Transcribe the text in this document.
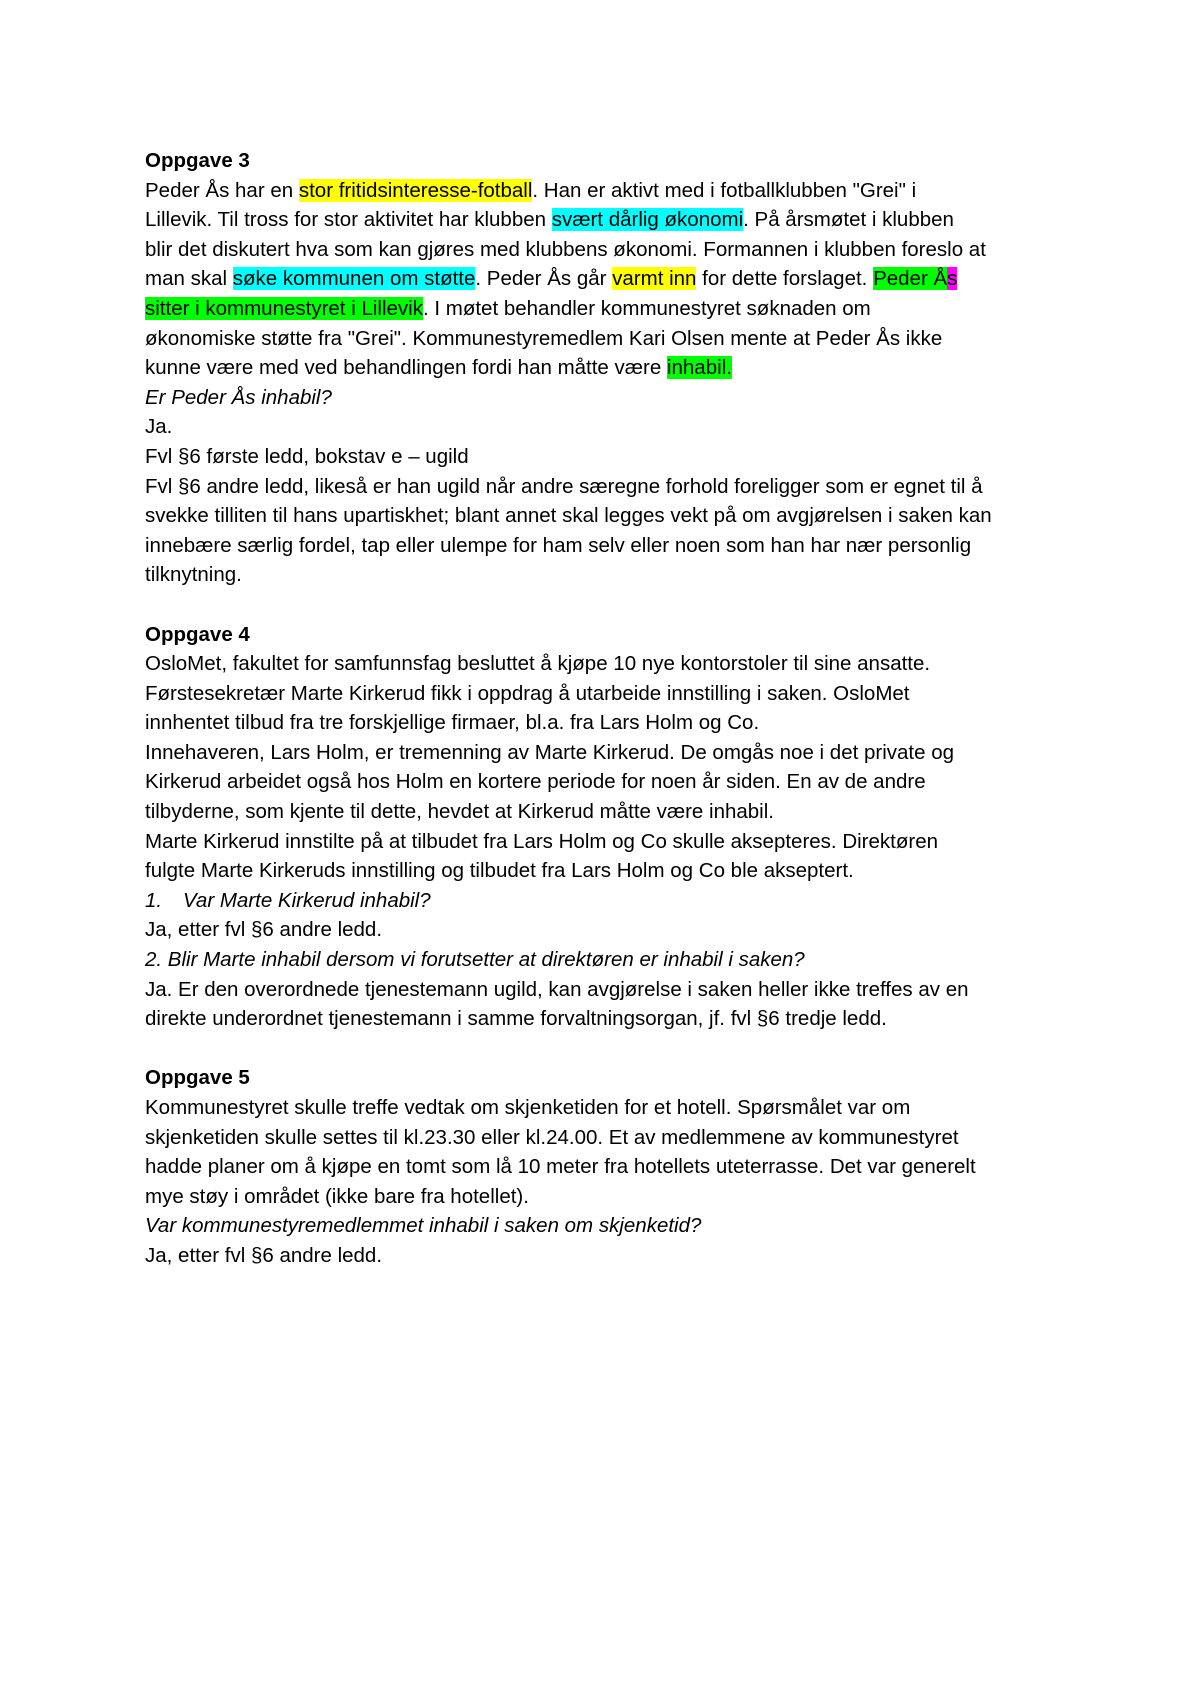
Oppgave 3
Peder Ås har en stor fritidsinteresse-fotball. Han er aktivt med i fotballklubben "Grei" i
Lillevik. Til tross for stor aktivitet har klubben svært dårlig økonomi. På årsmøtet i klubben
blir det diskutert hva som kan gjøres med klubbens økonomi. Formannen i klubben foreslo at
man skal søke kommunen om støtte. Peder Ås går varmt inn for dette forslaget. Peder Ås
sitter i kommunestyret i Lillevik. I møtet behandler kommunestyret søknaden om
økonomiske støtte fra "Grei". Kommunestyremedlem Kari Olsen mente at Peder Ås ikke
kunne være med ved behandlingen fordi han måtte være inhabil.
Er Peder Ås inhabil?
Ja.
Fvl §6 første ledd, bokstav e – ugild
Fvl §6 andre ledd, likeså er han ugild når andre særegne forhold foreligger som er egnet til å
svekke tilliten til hans upartiskhet; blant annet skal legges vekt på om avgjørelsen i saken kan
innebære særlig fordel, tap eller ulempe for ham selv eller noen som han har nær personlig
tilknytning.
Oppgave 4
OsloMet, fakultet for samfunnsfag besluttet å kjøpe 10 nye kontorstoler til sine ansatte.
Førstesekretær Marte Kirkerud fikk i oppdrag å utarbeide innstilling i saken. OsloMet
innhentet tilbud fra tre forskjellige firmaer, bl.a. fra Lars Holm og Co.
Innehaveren, Lars Holm, er tremenning av Marte Kirkerud. De omgås noe i det private og
Kirkerud arbeidet også hos Holm en kortere periode for noen år siden. En av de andre
tilbyderne, som kjente til dette, hevdet at Kirkerud måtte være inhabil.
Marte Kirkerud innstilte på at tilbudet fra Lars Holm og Co skulle aksepteres. Direktøren
fulgte Marte Kirkeruds innstilling og tilbudet fra Lars Holm og Co ble akseptert.
1. Var Marte Kirkerud inhabil?
Ja, etter fvl §6 andre ledd.
2. Blir Marte inhabil dersom vi forutsetter at direktøren er inhabil i saken?
Ja. Er den overordnede tjenestemann ugild, kan avgjørelse i saken heller ikke treffes av en
direkte underordnet tjenestemann i samme forvaltningsorgan, jf. fvl §6 tredje ledd.
Oppgave 5
Kommunestyret skulle treffe vedtak om skjenketiden for et hotell. Spørsmålet var om
skjenketiden skulle settes til kl.23.30 eller kl.24.00. Et av medlemmene av kommunestyret
hadde planer om å kjøpe en tomt som lå 10 meter fra hotellets uteterrasse. Det var generelt
mye støy i området (ikke bare fra hotellet).
Var kommunestyremedlemmet inhabil i saken om skjenketid?
Ja, etter fvl §6 andre ledd.
